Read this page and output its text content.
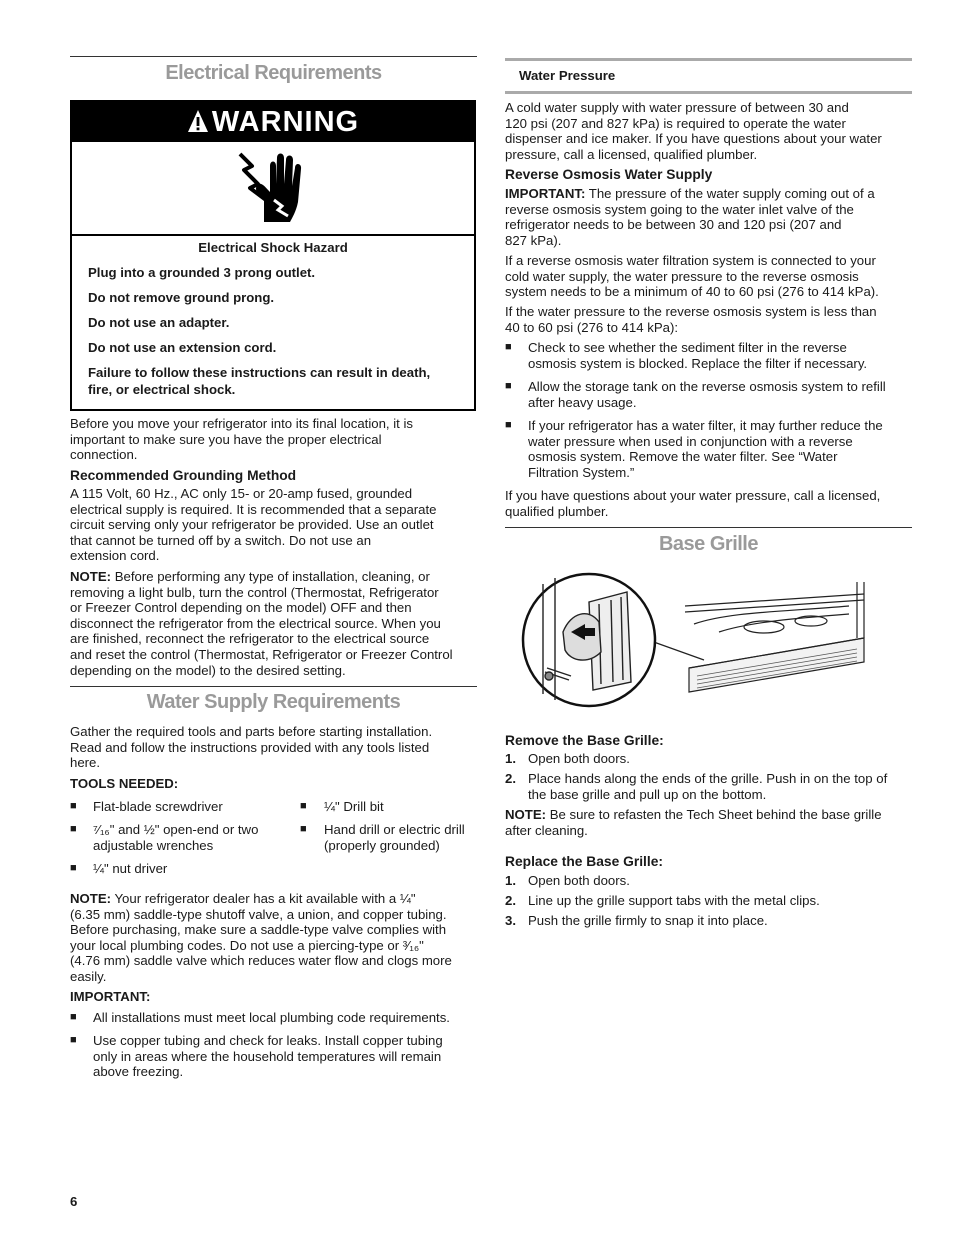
Electrical Requirements
WARNING
Electrical Shock Hazard
Plug into a grounded 3 prong outlet.
Do not remove ground prong.
Do not use an adapter.
Do not use an extension cord.
Failure to follow these instructions can result in death,
fire, or electrical shock.

Before you move your refrigerator into its final location, it is

important to make sure you have the proper electrical

connection.

Recommended Grounding Method

A 115 Volt, 60 Hz., AC only 15- or 20-amp fused, grounded

electrical supply is required. It is recommended that a separate

circuit serving only your refrigerator be provided. Use an outlet

that cannot be turned off by a switch. Do not use an

extension cord.

NOTE: Before performing any type of installation, cleaning, or

removing a light bulb, turn the control (Thermostat, Refrigerator

or Freezer Control depending on the model) OFF and then

disconnect the refrigerator from the electrical source. When you

are finished, reconnect the refrigerator to the electrical source

and reset the control (Thermostat, Refrigerator or Freezer Control

depending on the model) to the desired setting.

Water Supply Requirements

Gather the required tools and parts before starting installation.

Read and follow the instructions provided with any tools listed

here.

TOOLS NEEDED:
■ Flat-blade screwdriver

■ ⁷⁄₁₆" and ½" open-end or two

adjustable wrenches

■ ¼" nut driver

■ ¼" Drill bit

■ Hand drill or electric drill

(properly grounded)

NOTE: Your refrigerator dealer has a kit available with a ¼"

(6.35 mm) saddle-type shutoff valve, a union, and copper tubing.

Before purchasing, make sure a saddle-type valve complies with

your local plumbing codes. Do not use a piercing-type or ³⁄₁₆"

(4.76 mm) saddle valve which reduces water flow and clogs more

easily.

IMPORTANT:
■ All installations must meet local plumbing code requirements.

■ Use copper tubing and check for leaks. Install copper tubing

only in areas where the household temperatures will remain

above freezing.

6
Water Pressure

A cold water supply with water pressure of between 30 and

120 psi (207 and 827 kPa) is required to operate the water

dispenser and ice maker. If you have questions about your water

pressure, call a licensed, qualified plumber.

Reverse Osmosis Water Supply

IMPORTANT: The pressure of the water supply coming out of a

reverse osmosis system going to the water inlet valve of the

refrigerator needs to be between 30 and 120 psi (207 and

827 kPa).

If a reverse osmosis water filtration system is connected to your

cold water supply, the water pressure to the reverse osmosis

system needs to be a minimum of 40 to 60 psi (276 to 414 kPa).

If the water pressure to the reverse osmosis system is less than

40 to 60 psi (276 to 414 kPa):

■ Check to see whether the sediment filter in the reverse

osmosis system is blocked. Replace the filter if necessary.

■ Allow the storage tank on the reverse osmosis system to refill

after heavy usage.

■ If your refrigerator has a water filter, it may further reduce the

water pressure when used in conjunction with a reverse

osmosis system. Remove the water filter. See “Water

Filtration System.”

If you have questions about your water pressure, call a licensed,

qualified plumber.

Base Grille
Remove the Base Grille:
1. Open both doors.

2. Place hands along the ends of the grille. Push in on the top of

the base grille and pull up on the bottom.

NOTE: Be sure to refasten the Tech Sheet behind the base grille

after cleaning.

Replace the Base Grille:
1. Open both doors.

2. Line up the grille support tabs with the metal clips.

3. Push the grille firmly to snap it into place.
